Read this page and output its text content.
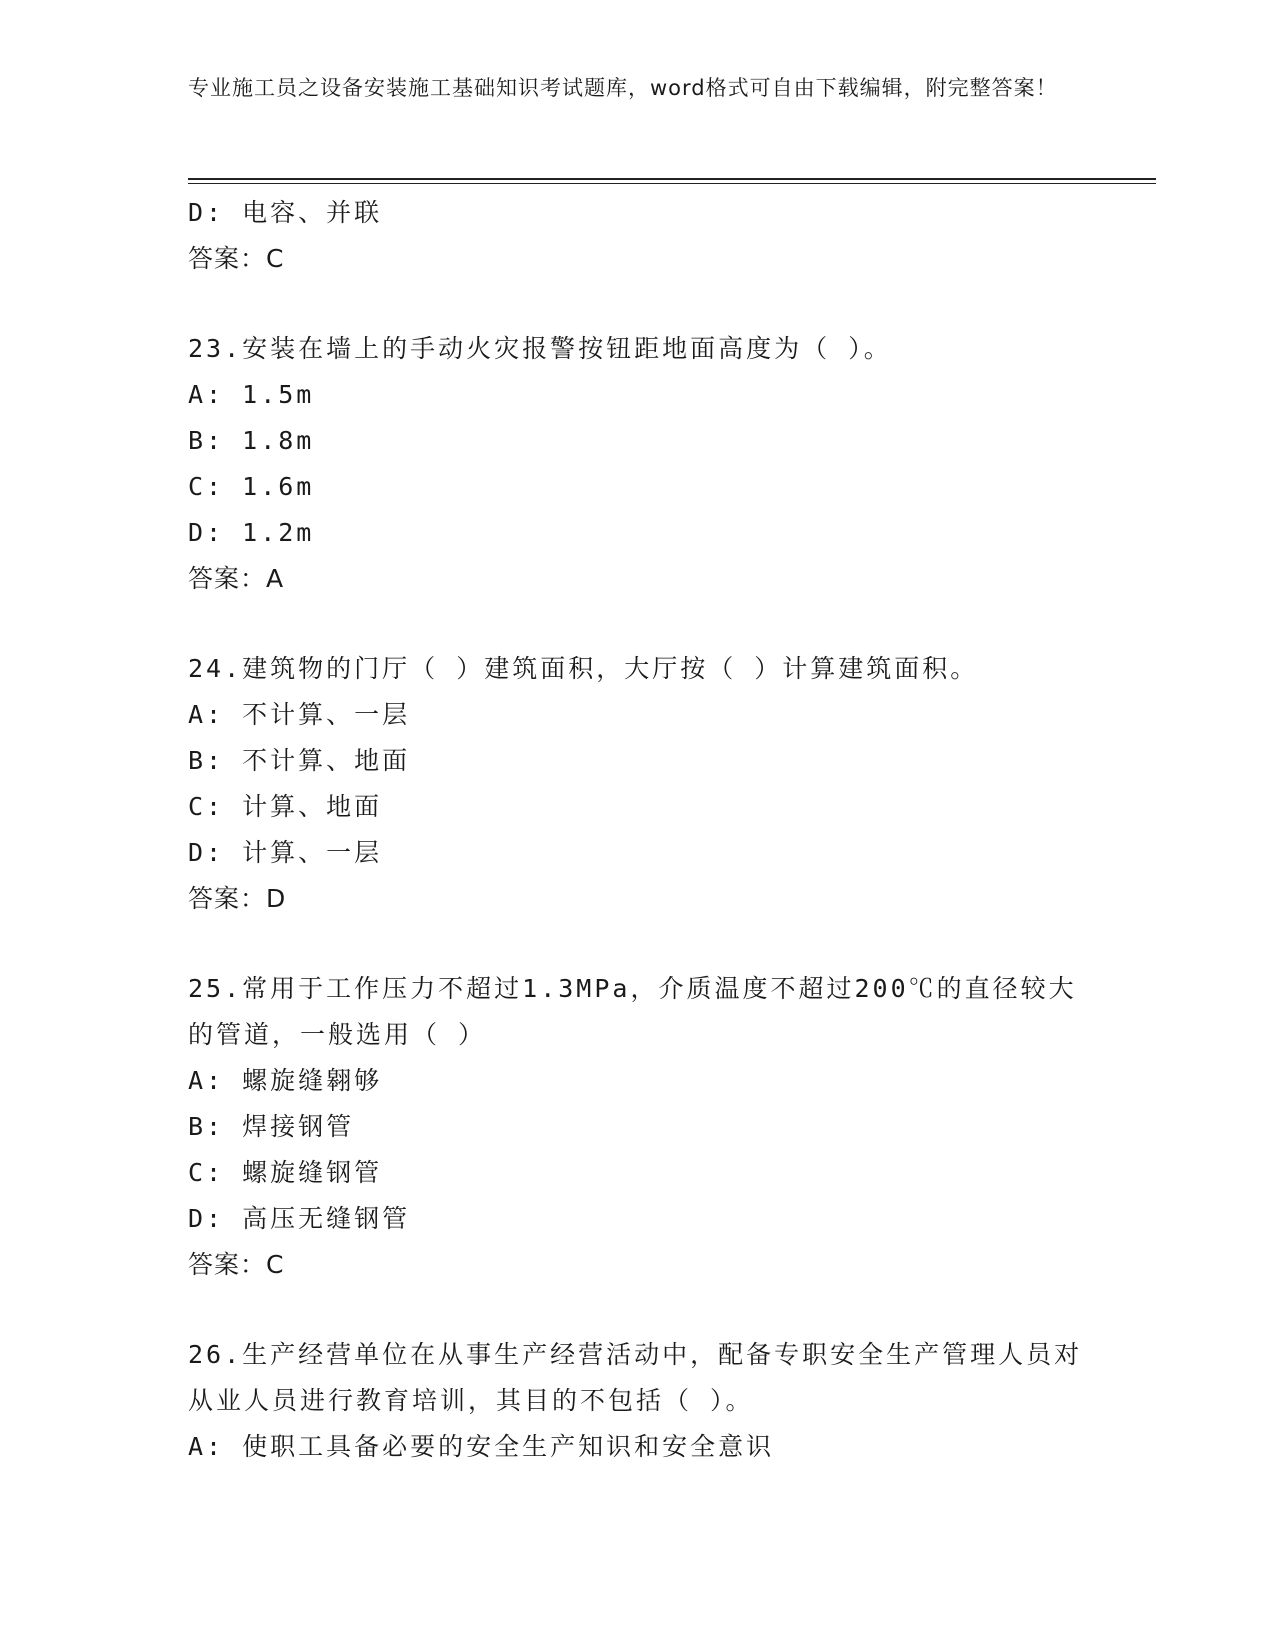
专业施工员之设备安装施工基础知识考试题库，word格式可自由下载编辑，附完整答案！
D: 电容、并联
答案：C
23.安装在墙上的手动火灾报警按钮距地面高度为（ ）。
A: 1.5m
B: 1.8m
C: 1.6m
D: 1.2m
答案：A
24.建筑物的门厅（ ）建筑面积，大厅按（ ）计算建筑面积。
A: 不计算、一层
B: 不计算、地面
C: 计算、地面
D: 计算、一层
答案：D
25.常用于工作压力不超过1.3MPa，介质温度不超过200℃的直径较大的管道，一般选用（ ）
A: 螺旋缝翱够
B: 焊接钢管
C: 螺旋缝钢管
D: 高压无缝钢管
答案：C
26.生产经营单位在从事生产经营活动中，配备专职安全生产管理人员对从业人员进行教育培训，其目的不包括（ ）。
A: 使职工具备必要的安全生产知识和安全意识
